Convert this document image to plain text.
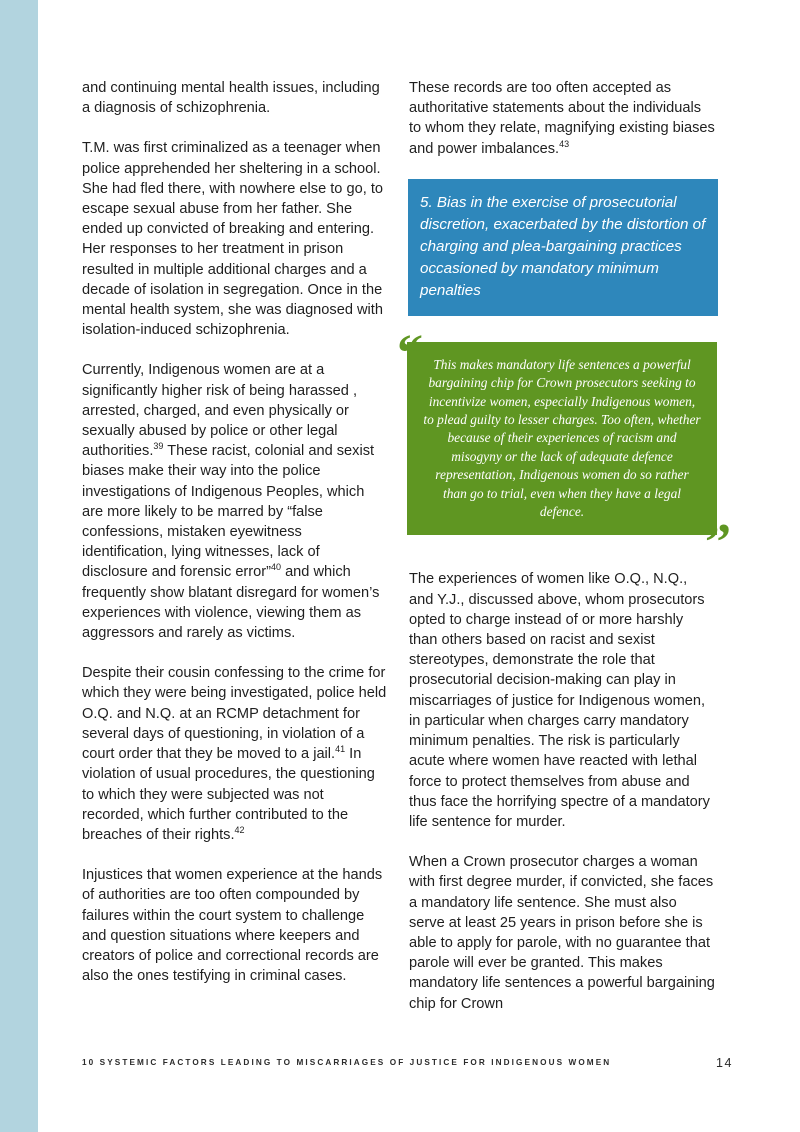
and continuing mental health issues, including a diagnosis of schizophrenia.

T.M. was first criminalized as a teenager when police apprehended her sheltering in a school. She had fled there, with nowhere else to go, to escape sexual abuse from her father. She ended up convicted of breaking and entering. Her responses to her treatment in prison resulted in multiple additional charges and a decade of isolation in segregation. Once in the mental health system, she was diagnosed with isolation-induced schizophrenia.

Currently, Indigenous women are at a significantly higher risk of being harassed , arrested, charged, and even physically or sexually abused by police or other legal authorities.$^{39}$ These racist, colonial and sexist biases make their way into the police investigations of Indigenous Peoples, which are more likely to be marred by “false confessions, mistaken eyewitness identification, lying witnesses, lack of disclosure and forensic error”$^{40}$ and which frequently show blatant disregard for women’s experiences with violence, viewing them as aggressors and rarely as victims.

Despite their cousin confessing to the crime for which they were being investigated, police held O.Q. and N.Q. at an RCMP detachment for several days of questioning, in violation of a court order that they be moved to a jail.$^{41}$ In violation of usual procedures, the questioning to which they were subjected was not recorded, which further contributed to the breaches of their rights.$^{42}$

Injustices that women experience at the hands of authorities are too often compounded by failures within the court system to challenge and question situations where keepers and creators of police and correctional records are also the ones testifying in criminal cases.

These records are too often accepted as authoritative statements about the individuals to whom they relate, magnifying existing biases and power imbalances.$^{43}$

5. Bias in the exercise of prosecutorial discretion, exacerbated by the distortion of charging and plea-bargaining practices occasioned by mandatory minimum penalties
“ This makes mandatory life sentences a powerful bargaining chip for Crown prosecutors seeking to incentivize women, especially Indigenous women, to plead guilty to lesser charges. Too often, whether because of their experiences of racism and misogyny or the lack of adequate defence representation, Indigenous women do so rather than go to trial, even when they have a legal defence.
”

The experiences of women like O.Q., N.Q., and Y.J., discussed above, whom prosecutors opted to charge instead of or more harshly than others based on racist and sexist stereotypes, demonstrate the role that prosecutorial decision-making can play in miscarriages of justice for Indigenous women, in particular when charges carry mandatory minimum penalties. The risk is particularly acute where women have reacted with lethal force to protect themselves from abuse and thus face the horrifying spectre of a mandatory life sentence for murder.

When a Crown prosecutor charges a woman with first degree murder, if convicted, she faces a mandatory life sentence. She must also serve at least 25 years in prison before she is able to apply for parole, with no guarantee that parole will ever be granted. This makes mandatory life sentences a powerful bargaining chip for Crown

10 SYSTEMIC FACTORS LEADING TO MISCARRIAGES OF JUSTICE FOR INDIGENOUS WOMEN	14
